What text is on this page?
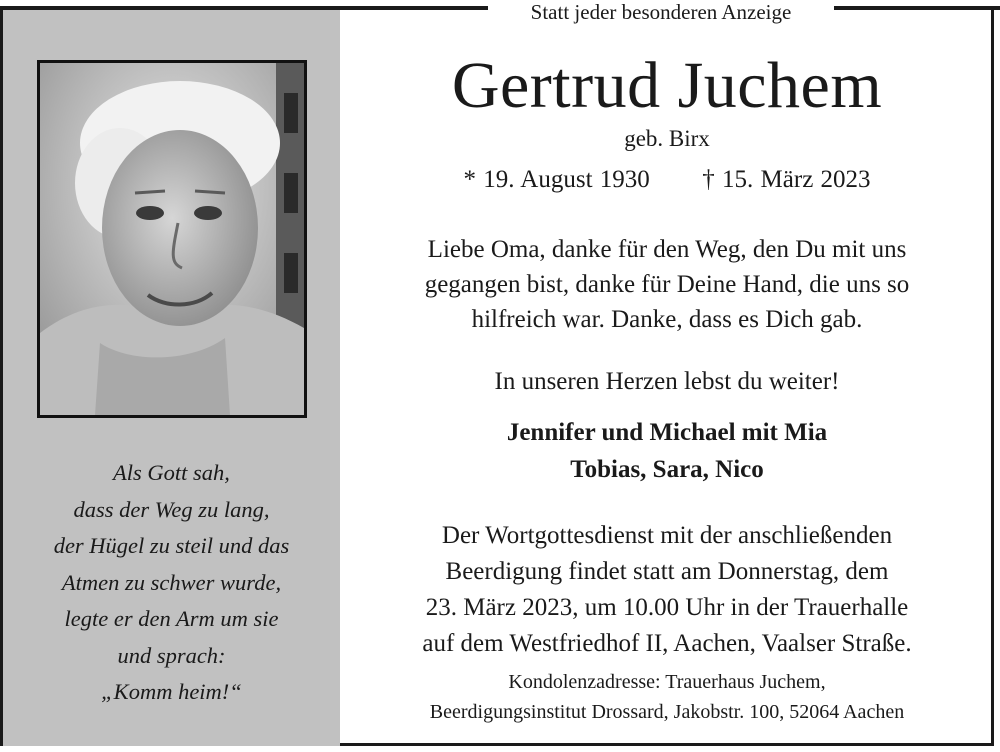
Statt jeder besonderen Anzeige
Als Gott sah,
dass der Weg zu lang,
der Hügel zu steil und das
Atmen zu schwer wurde,
legte er den Arm um sie
und sprach:
„Komm heim!“
Gertrud Juchem
geb. Birx
* 19. August 1930 † 15. März 2023
Liebe Oma, danke für den Weg, den Du mit uns
gegangen bist, danke für Deine Hand, die uns so
hilfreich war. Danke, dass es Dich gab.
In unseren Herzen lebst du weiter!
Jennifer und Michael mit Mia
Tobias, Sara, Nico
Der Wortgottesdienst mit der anschließenden
Beerdigung findet statt am Donnerstag, dem
23. März 2023, um 10.00 Uhr in der Trauerhalle
auf dem Westfriedhof II, Aachen, Vaalser Straße.
Kondolenzadresse: Trauerhaus Juchem,
Beerdigungsinstitut Drossard, Jakobstr. 100, 52064 Aachen
